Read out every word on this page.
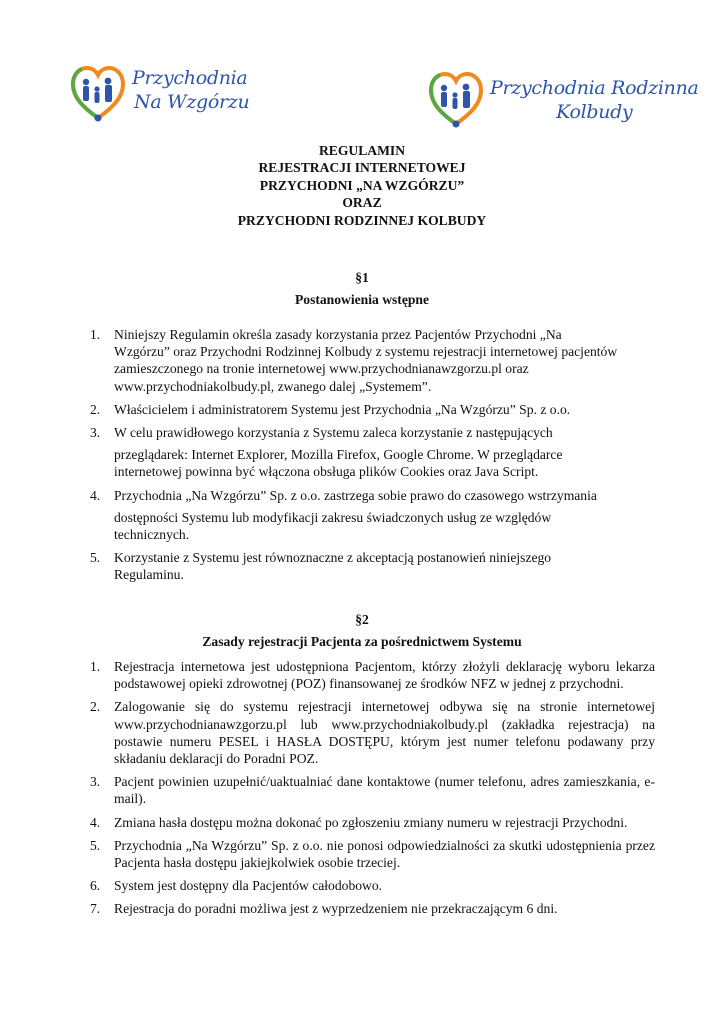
Przychodnia
Na Wzgórzu
Przychodnia Rodzinna
Kolbudy
REGULAMIN
REJESTRACJI INTERNETOWEJ
PRZYCHODNI „NA WZGÓRZU”
ORAZ
PRZYCHODNI RODZINNEJ KOLBUDY
§1
Postanowienia wstępne
1. Niniejszy Regulamin określa zasady korzystania przez Pacjentów Przychodni „Na
Wzgórzu” oraz Przychodni Rodzinnej Kolbudy z systemu rejestracji internetowej pacjentów
zamieszczonego na tronie internetowej www.przychodnianawzgorzu.pl oraz
www.przychodniakolbudy.pl, zwanego dalej „Systemem”.
2. Właścicielem i administratorem Systemu jest Przychodnia „Na Wzgórzu” Sp. z o.o.
3. W celu prawidłowego korzystania z Systemu zaleca korzystanie z następujących
przeglądarek: Internet Explorer, Mozilla Firefox, Google Chrome. W przeglądarce
internetowej powinna być włączona obsługa plików Cookies oraz Java Script.
4. Przychodnia „Na Wzgórzu” Sp. z o.o. zastrzega sobie prawo do czasowego wstrzymania
dostępności Systemu lub modyfikacji zakresu świadczonych usług ze względów
technicznych.
5. Korzystanie z Systemu jest równoznaczne z akceptacją postanowień niniejszego
Regulaminu.
§2
Zasady rejestracji Pacjenta za pośrednictwem Systemu
1. Rejestracja internetowa jest udostępniona Pacjentom, którzy złożyli deklarację wyboru lekarza podstawowej opieki zdrowotnej (POZ) finansowanej ze środków NFZ w jednej z przychodni.
2. Zalogowanie się do systemu rejestracji internetowej odbywa się na stronie internetowej www.przychodnianawzgorzu.pl lub www.przychodniakolbudy.pl (zakładka rejestracja) na postawie numeru PESEL i HASŁA DOSTĘPU, którym jest numer telefonu podawany przy składaniu deklaracji do Poradni POZ.
3. Pacjent powinien uzupełnić/uaktualniać dane kontaktowe (numer telefonu, adres zamieszkania, e-mail).
4. Zmiana hasła dostępu można dokonać po zgłoszeniu zmiany numeru w rejestracji Przychodni.
5. Przychodnia „Na Wzgórzu” Sp. z o.o. nie ponosi odpowiedzialności za skutki udostępnienia przez Pacjenta hasła dostępu jakiejkolwiek osobie trzeciej.
6. System jest dostępny dla Pacjentów całodobowo.
7. Rejestracja do poradni możliwa jest z wyprzedzeniem nie przekraczającym 6 dni.
